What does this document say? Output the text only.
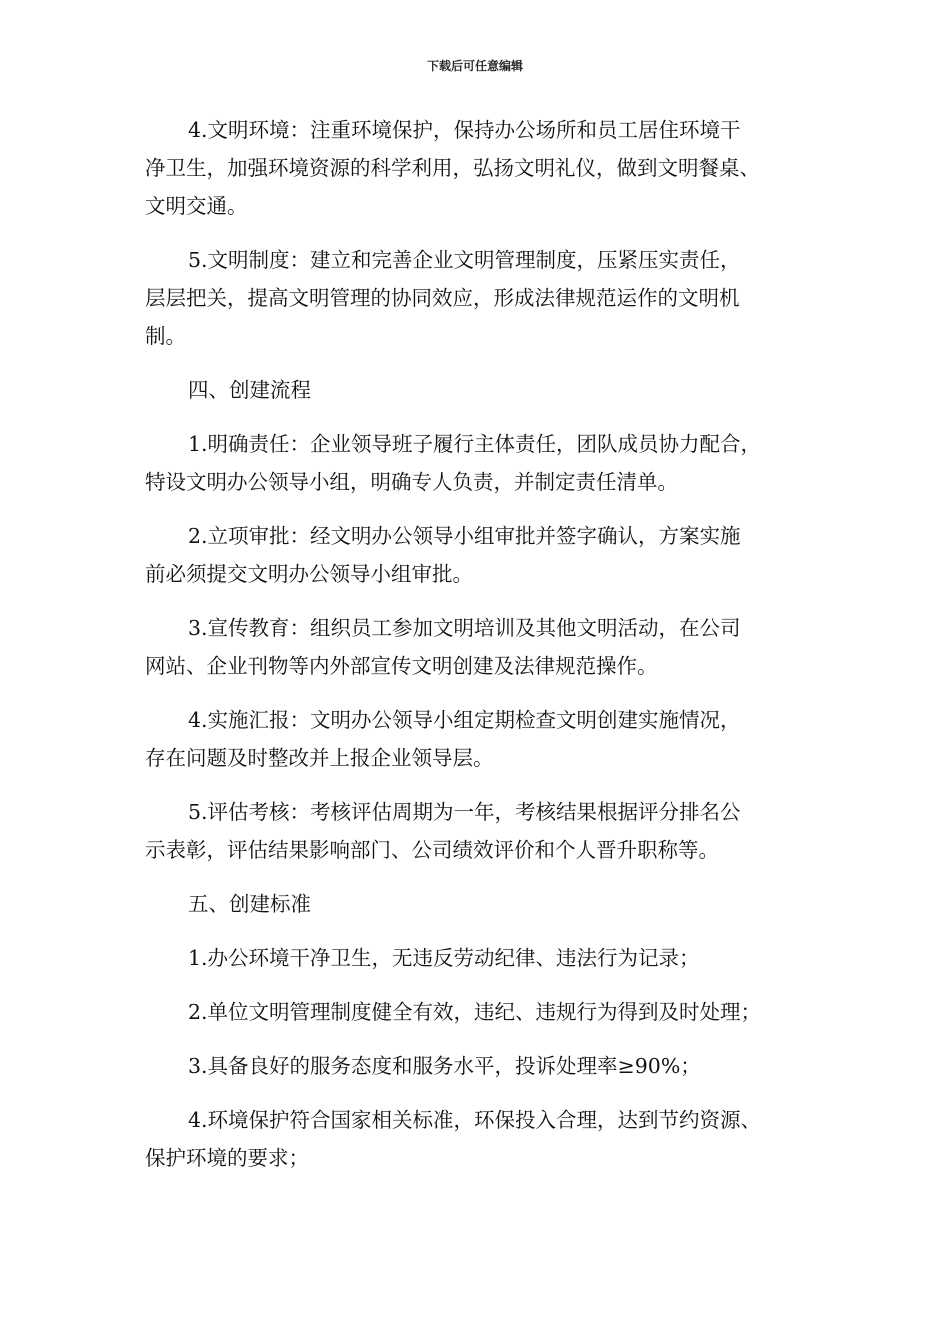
下载后可任意编辑
4.文明环境：注重环境保护，保持办公场所和员工居住环境干
净卫生，加强环境资源的科学利用，弘扬文明礼仪，做到文明餐桌、
文明交通。
5.文明制度：建立和完善企业文明管理制度，压紧压实责任，
层层把关，提高文明管理的协同效应，形成法律规范运作的文明机
制。
四、创建流程
1.明确责任：企业领导班子履行主体责任，团队成员协力配合，
特设文明办公领导小组，明确专人负责，并制定责任清单。
2.立项审批：经文明办公领导小组审批并签字确认，方案实施
前必须提交文明办公领导小组审批。
3.宣传教育：组织员工参加文明培训及其他文明活动，在公司
网站、企业刊物等内外部宣传文明创建及法律规范操作。
4.实施汇报：文明办公领导小组定期检查文明创建实施情况，
存在问题及时整改并上报企业领导层。
5.评估考核：考核评估周期为一年，考核结果根据评分排名公
示表彰，评估结果影响部门、公司绩效评价和个人晋升职称等。
五、创建标准
1.办公环境干净卫生，无违反劳动纪律、违法行为记录；
2.单位文明管理制度健全有效，违纪、违规行为得到及时处理；
3.具备良好的服务态度和服务水平，投诉处理率≥90%；
4.环境保护符合国家相关标准，环保投入合理，达到节约资源、
保护环境的要求；
